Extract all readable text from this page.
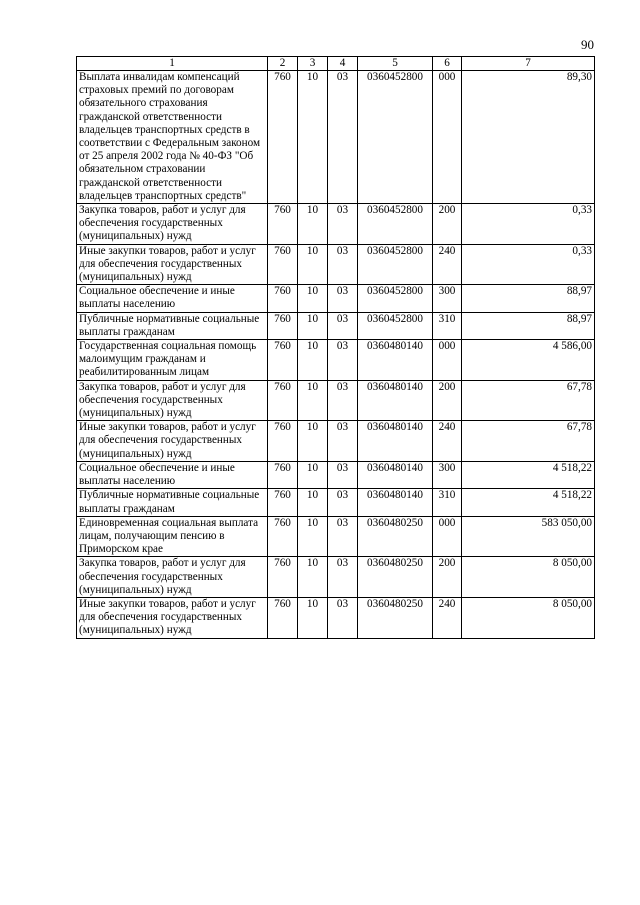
90
1	2	3	4	5	6	7
Выплата инвалидам компенсаций страховых премий по договорам обязательного страхования гражданской ответственности владельцев транспортных средств в соответствии с Федеральным законом от 25 апреля 2002 года № 40-ФЗ "Об обязательном страховании гражданской ответственности владельцев транспортных средств"	760	10	03	0360452800	000	89,30
Закупка товаров, работ и услуг для обеспечения государственных (муниципальных) нужд	760	10	03	0360452800	200	0,33
Иные закупки товаров, работ и услуг для обеспечения государственных (муниципальных) нужд	760	10	03	0360452800	240	0,33
Социальное обеспечение и иные выплаты населению	760	10	03	0360452800	300	88,97
Публичные нормативные социальные выплаты гражданам	760	10	03	0360452800	310	88,97
Государственная социальная помощь малоимущим гражданам и реабилитированным лицам	760	10	03	0360480140	000	4 586,00
Закупка товаров, работ и услуг для обеспечения государственных (муниципальных) нужд	760	10	03	0360480140	200	67,78
Иные закупки товаров, работ и услуг для обеспечения государственных (муниципальных) нужд	760	10	03	0360480140	240	67,78
Социальное обеспечение и иные выплаты населению	760	10	03	0360480140	300	4 518,22
Публичные нормативные социальные выплаты гражданам	760	10	03	0360480140	310	4 518,22
Единовременная социальная выплата лицам, получающим пенсию в Приморском крае	760	10	03	0360480250	000	583 050,00
Закупка товаров, работ и услуг для обеспечения государственных (муниципальных) нужд	760	10	03	0360480250	200	8 050,00
Иные закупки товаров, работ и услуг для обеспечения государственных (муниципальных) нужд	760	10	03	0360480250	240	8 050,00
